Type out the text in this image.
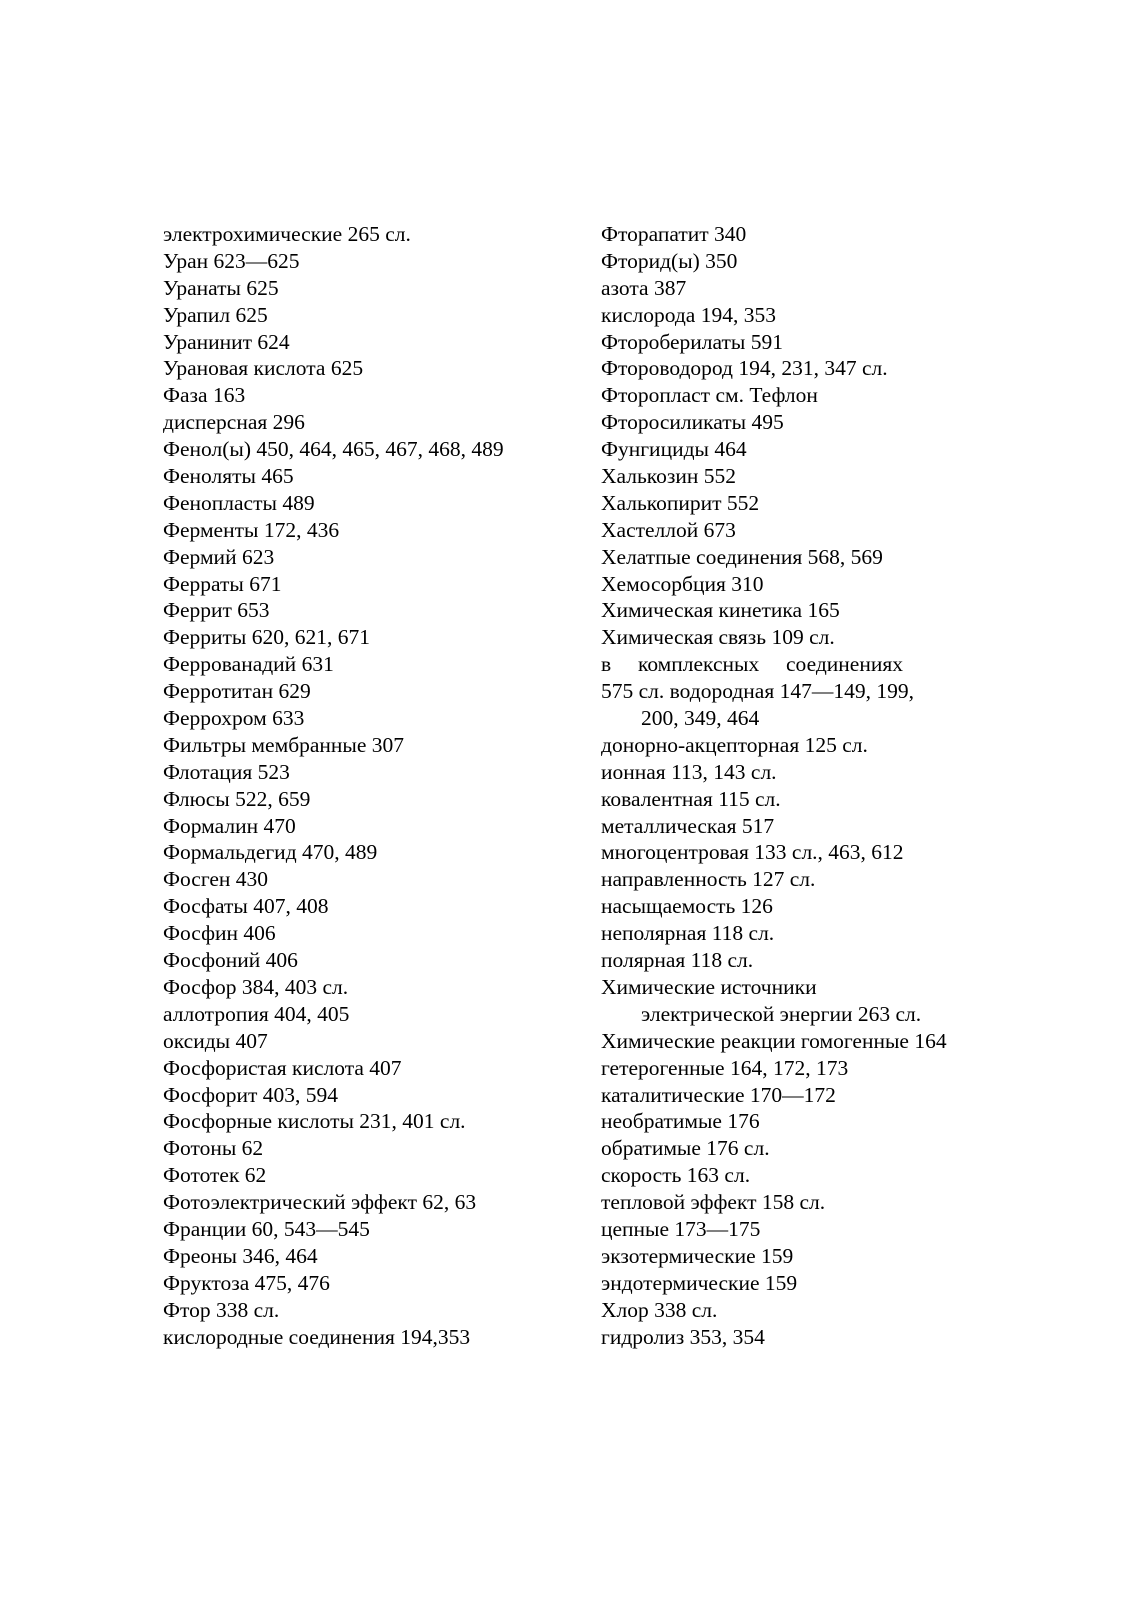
электрохимические 265 сл.
Уран 623—625
Уранаты 625
Урапил 625
Уранинит 624
Урановая кислота 625
Фаза 163
дисперсная 296
Фенол(ы) 450, 464, 465, 467, 468, 489
Феноляты 465
Фенопласты 489
Ферменты 172, 436
Фермий 623
Ферраты 671
Феррит 653
Ферриты 620, 621, 671
Феррованадий 631
Ферротитан 629
Феррохром 633
Фильтры мембранные 307
Флотация 523
Флюсы 522, 659
Формалин 470
Формальдегид 470, 489
Фосген 430
Фосфаты 407, 408
Фосфин 406
Фосфоний 406
Фосфор 384, 403 сл.
аллотропия 404, 405
оксиды 407
Фосфористая кислота 407
Фосфорит 403, 594
Фосфорные кислоты 231, 401 сл.
Фотоны 62
Фототек 62
Фотоэлектрический эффект 62, 63
Франции 60, 543—545
Фреоны 346, 464
Фруктоза 475, 476
Фтор 338 сл.
кислородные соединения 194,353
Фторапатит 340
Фторид(ы) 350
азота 387
кислорода 194, 353
Фтороберилаты 591
Фтороводород 194, 231, 347 сл.
Фторопласт см. Тефлон
Фторосиликаты 495
Фунгициды 464
Халькозин 552
Халькопирит 552
Хастеллой 673
Хелатпые соединения 568, 569
Хемосорбция 310
Химическая кинетика 165
Химическая связь 109 сл.
в комплексных соединениях
575 сл. водородная 147—149, 199,
200, 349, 464
донорно-акцепторная 125 сл.
ионная 113, 143 сл.
ковалентная 115 сл.
металлическая 517
многоцентровая 133 сл., 463, 612
направленность 127 сл.
насыщаемость 126
неполярная 118 сл.
полярная 118 сл.
Химические источники
электрической энергии 263 сл.
Химические реакции гомогенные 164
гетерогенные 164, 172, 173
каталитические 170—172
необратимые 176
обратимые 176 сл.
скорость 163 сл.
тепловой эффект 158 сл.
цепные 173—175
экзотермические 159
эндотермические 159
Хлор 338 сл.
гидролиз 353, 354
